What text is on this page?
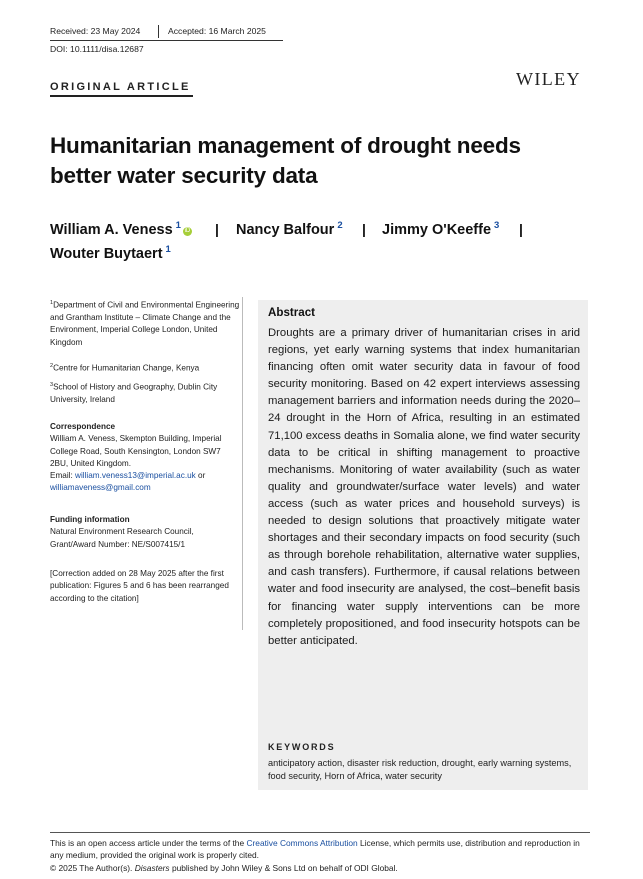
Received: 23 May 2024	Accepted: 16 March 2025
DOI: 10.1111/disa.12687
ORIGINAL ARTICLE	WILEY
Humanitarian management of drought needs better water security data
William A. Veness $^1$ iD | Nancy Balfour $^2$ | Jimmy O'Keeffe $^3$ |
Wouter Buytaert $^1$
$^1$Department of Civil and Environmental Engineering and Grantham Institute – Climate Change and the Environment, Imperial College London, United Kingdom
$^2$Centre for Humanitarian Change, Kenya
$^3$School of History and Geography, Dublin City University, Ireland
Correspondence
William A. Veness, Skempton Building, Imperial College Road, South Kensington, London SW7 2BU, United Kingdom.
Email: william.veness13@imperial.ac.uk or williamaveness@gmail.com
Funding information
Natural Environment Research Council, Grant/Award Number: NE/S007415/1
[Correction added on 28 May 2025 after the first publication: Figures 5 and 6 has been rearranged according to the citation]
Abstract
Droughts are a primary driver of humanitarian crises in arid regions, yet early warning systems that index humanitarian financing often omit water security data in favour of food security monitoring. Based on 42 expert interviews assessing management barriers and information needs during the 2020–24 drought in the Horn of Africa, resulting in an estimated 71,100 excess deaths in Somalia alone, we find water security data to be critical in shifting management to proactive mechanisms. Monitoring of water availability (such as water quality and groundwater/surface water levels) and water access (such as water prices and household surveys) is needed to design solutions that proactively mitigate water shortages and their secondary impacts on food security (such as through borehole rehabilitation, alternative water supplies, and cash transfers). Furthermore, if causal relations between water and food insecurity are analysed, the cost–benefit basis for financing water supply interventions can be more completely propositioned, and food insecurity hotspots can be better anticipated.
KEYWORDS
anticipatory action, disaster risk reduction, drought, early warning systems, food security, Horn of Africa, water security
This is an open access article under the terms of the Creative Commons Attribution License, which permits use, distribution and reproduction in any medium, provided the original work is properly cited.
© 2025 The Author(s). Disasters published by John Wiley & Sons Ltd on behalf of ODI Global.
